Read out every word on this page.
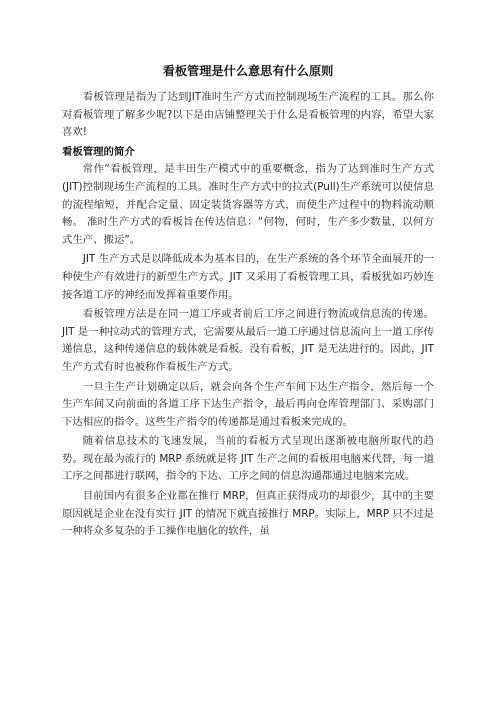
看板管理是什么意思有什么原则

看板管理是指为了达到JIT准时生产方式而控制现场生产流程的工具。那么你对看板管理了解多少呢?以下是由店铺整理关于什么是看板管理的内容，希望大家喜欢!

看板管理的简介

常作“看板管理，是丰田生产模式中的重要概念，指为了达到准时生产方式(JIT)控制现场生产流程的工具。准时生产方式中的拉式(Pull)生产系统可以使信息的流程缩短，并配合定量、固定装货容器等方式，而使生产过程中的物料流动顺畅。 准时生产方式的看板旨在传达信息：“何物，何时，生产多少数量，以何方式生产、搬运”。

JIT 生产方式是以降低成本为基本目的，在生产系统的各个环节全面展开的一种使生产有效进行的新型生产方式。JIT 又采用了看板管理工具，看板犹如巧妙连接各道工序的神经而发挥着重要作用。

看板管理方法是在同一道工序或者前后工序之间进行物流或信息流的传递。JIT 是一种拉动式的管理方式，它需要从最后一道工序通过信息流向上一道工序传递信息，这种传递信息的载体就是看板。没有看板，JIT 是无法进行的。因此，JIT 生产方式有时也被称作看板生产方式。

一旦主生产计划确定以后，就会向各个生产车间下达生产指令，然后每一个生产车间又向前面的各道工序下达生产指令，最后再向仓库管理部门、采购部门下达相应的指令。这些生产指令的传递都是通过看板来完成的。

随着信息技术的飞速发展，当前的看板方式呈现出逐渐被电脑所取代的趋势。现在最为流行的 MRP 系统就是将 JIT 生产之间的看板用电脑来代替，每一道工序之间都进行联网，指令的下达、工序之间的信息沟通都通过电脑来完成。

目前国内有很多企业都在推行 MRP，但真正获得成功的却很少，其中的主要原因就是企业在没有实行 JIT 的情况下就直接推行 MRP。实际上，MRP 只不过是一种将众多复杂的手工操作电脑化的软件，虽
